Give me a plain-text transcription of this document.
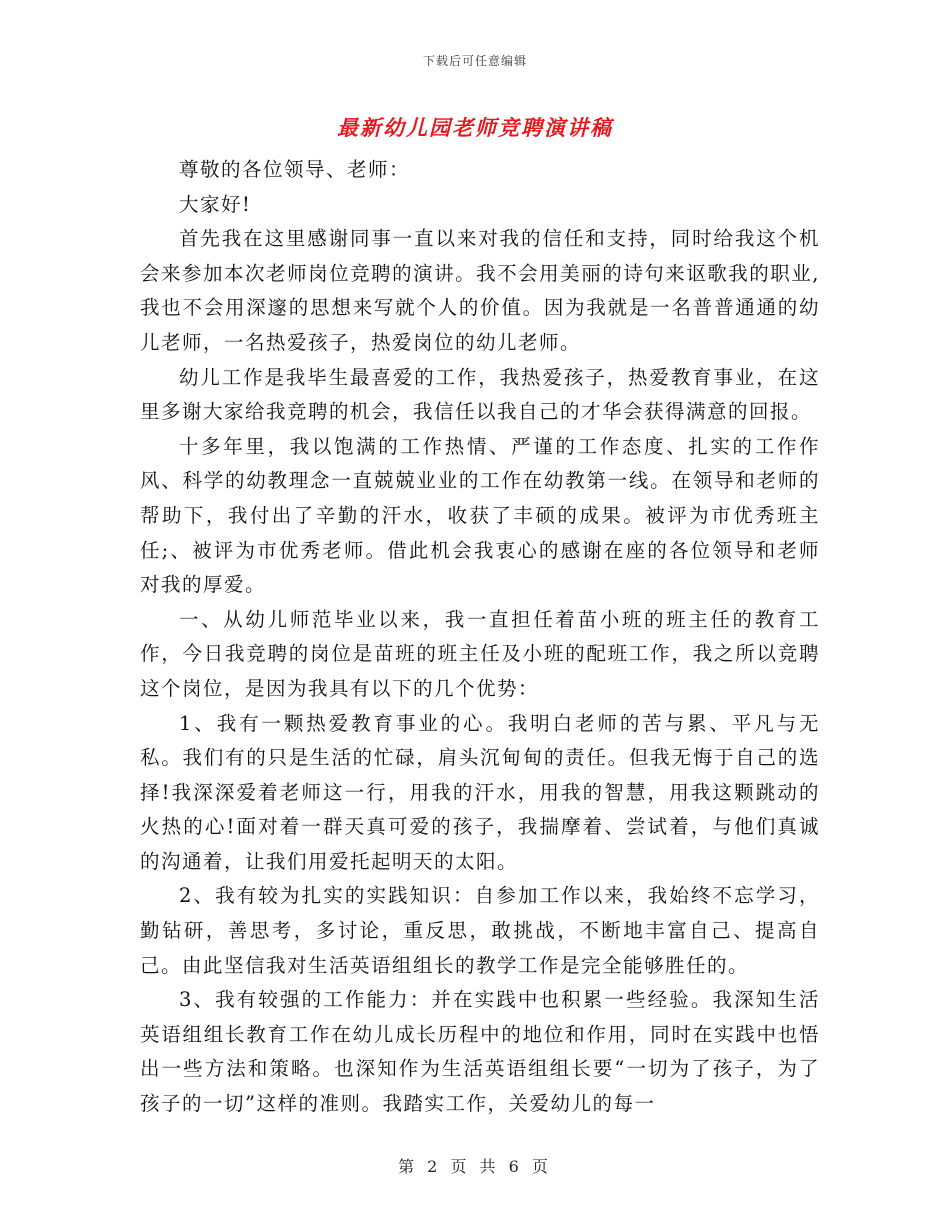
下载后可任意编辑
最新幼儿园老师竞聘演讲稿

尊敬的各位领导、老师：

大家好!

首先我在这里感谢同事一直以来对我的信任和支持，同时给我这个机会来参加本次老师岗位竞聘的演讲。我不会用美丽的诗句来讴歌我的职业,我也不会用深邃的思想来写就个人的价值。因为我就是一名普普通通的幼儿老师，一名热爱孩子，热爱岗位的幼儿老师。

幼儿工作是我毕生最喜爱的工作，我热爱孩子，热爱教育事业，在这里多谢大家给我竞聘的机会，我信任以我自己的才华会获得满意的回报。

十多年里，我以饱满的工作热情、严谨的工作态度、扎实的工作作风、科学的幼教理念一直兢兢业业的工作在幼教第一线。在领导和老师的帮助下，我付出了辛勤的汗水，收获了丰硕的成果。被评为市优秀班主任;、被评为市优秀老师。借此机会我衷心的感谢在座的各位领导和老师对我的厚爱。

一、从幼儿师范毕业以来，我一直担任着苗小班的班主任的教育工作，今日我竞聘的岗位是苗班的班主任及小班的配班工作，我之所以竞聘这个岗位，是因为我具有以下的几个优势：

1、我有一颗热爱教育事业的心。我明白老师的苦与累、平凡与无私。我们有的只是生活的忙碌，肩头沉甸甸的责任。但我无悔于自己的选择!我深深爱着老师这一行，用我的汗水，用我的智慧，用我这颗跳动的火热的心!面对着一群天真可爱的孩子，我揣摩着、尝试着，与他们真诚的沟通着，让我们用爱托起明天的太阳。

2、我有较为扎实的实践知识：自参加工作以来，我始终不忘学习，勤钻研，善思考，多讨论，重反思，敢挑战，不断地丰富自己、提高自己。由此坚信我对生活英语组组长的教学工作是完全能够胜任的。

3、我有较强的工作能力：并在实践中也积累一些经验。我深知生活英语组组长教育工作在幼儿成长历程中的地位和作用，同时在实践中也悟出一些方法和策略。也深知作为生活英语组组长要“一切为了孩子，为了孩子的一切”这样的准则。我踏实工作，关爱幼儿的每一

第 2 页 共 6 页
